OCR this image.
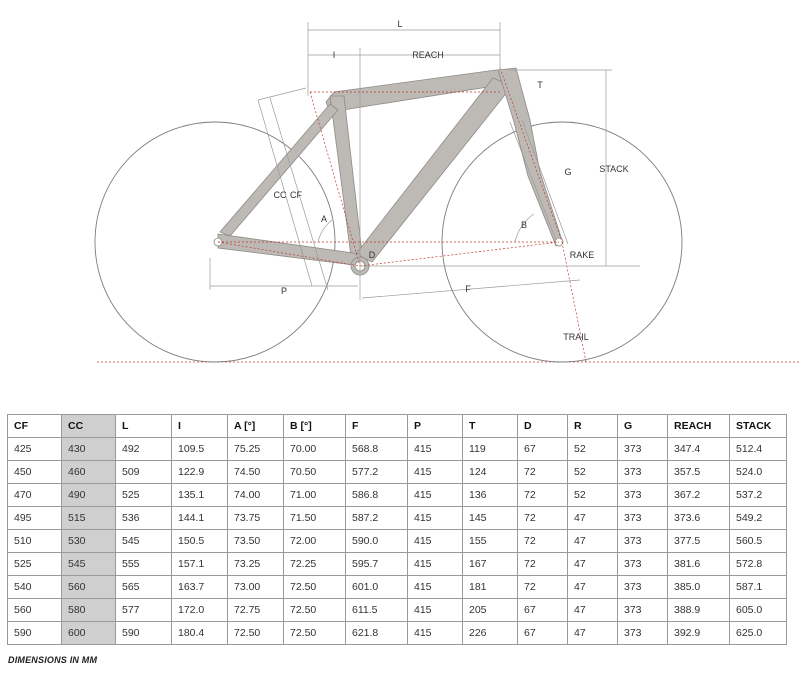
L
I	REACH
T
STACK
G
CC CF
A
B
D	RAKE
P	F
TRAIL
CF	CC	L	I	A [°]	B [°]	F	P	T	D	R	G	REACH	STACK
425	430	492	109.5	75.25	70.00	568.8	415	119	67	52	373	347.4	512.4
450	460	509	122.9	74.50	70.50	577.2	415	124	72	52	373	357.5	524.0
470	490	525	135.1	74.00	71.00	586.8	415	136	72	52	373	367.2	537.2
495	515	536	144.1	73.75	71.50	587.2	415	145	72	47	373	373.6	549.2
510	530	545	150.5	73.50	72.00	590.0	415	155	72	47	373	377.5	560.5
525	545	555	157.1	73.25	72.25	595.7	415	167	72	47	373	381.6	572.8
540	560	565	163.7	73.00	72.50	601.0	415	181	72	47	373	385.0	587.1
560	580	577	172.0	72.75	72.50	611.5	415	205	67	47	373	388.9	605.0
590	600	590	180.4	72.50	72.50	621.8	415	226	67	47	373	392.9	625.0
DIMENSIONS IN MM
